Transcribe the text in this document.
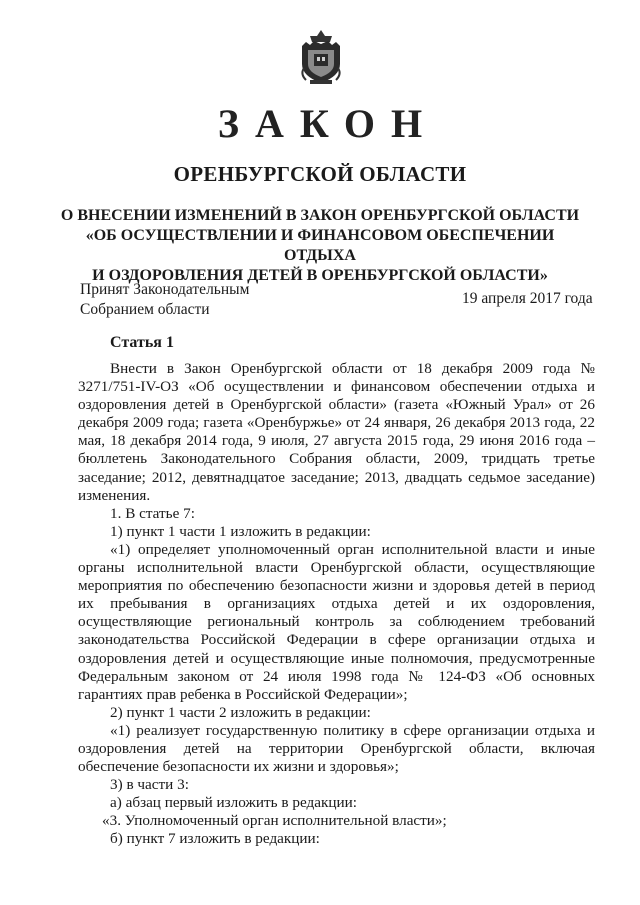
ЗАКОН
ОРЕНБУРГСКОЙ ОБЛАСТИ
О ВНЕСЕНИИ ИЗМЕНЕНИЙ В ЗАКОН ОРЕНБУРГСКОЙ ОБЛАСТИ
«ОБ ОСУЩЕСТВЛЕНИИ И ФИНАНСОВОМ ОБЕСПЕЧЕНИИ ОТДЫХА
И ОЗДОРОВЛЕНИЯ ДЕТЕЙ В ОРЕНБУРГСКОЙ ОБЛАСТИ»
Принят Законодательным
Собранием области
19 апреля 2017 года
Статья 1

Внести в Закон Оренбургской области от 18 декабря 2009 года № 3271/751-IV-ОЗ «Об осуществлении и финансовом обеспечении отдыха и оздоровления детей в Оренбургской области» (газета «Южный Урал» от 26 декабря 2009 года; газета «Оренбуржье» от 24 января, 26 декабря 2013 года, 22 мая, 18 декабря 2014 года, 9 июля, 27 августа 2015 года, 29 июня 2016 года – бюллетень Законодательного Собрания области, 2009, тридцать третье заседание; 2012, девятнадцатое заседание; 2013, двадцать седьмое заседание) изменения.

1. В статье 7:

1) пункт 1 части 1 изложить в редакции:

«1) определяет уполномоченный орган исполнительной власти и иные органы исполнительной власти Оренбургской области, осуществляющие мероприятия по обеспечению безопасности жизни и здоровья детей в период их пребывания в организациях отдыха детей и их оздоровления, осуществляющие региональный контроль за соблюдением требований законодательства Российской Федерации в сфере организации отдыха и оздоровления детей и осуществляющие иные полномочия, предусмотренные Федеральным законом от 24 июля 1998 года № 124-ФЗ «Об основных гарантиях прав ребенка в Российской Федерации»;

2) пункт 1 части 2 изложить в редакции:

«1) реализует государственную политику в сфере организации отдыха и оздоровления детей на территории Оренбургской области, включая обеспечение безопасности их жизни и здоровья»;

3) в части 3:

а) абзац первый изложить в редакции:

«3. Уполномоченный орган исполнительной власти»;

б) пункт 7 изложить в редакции:
